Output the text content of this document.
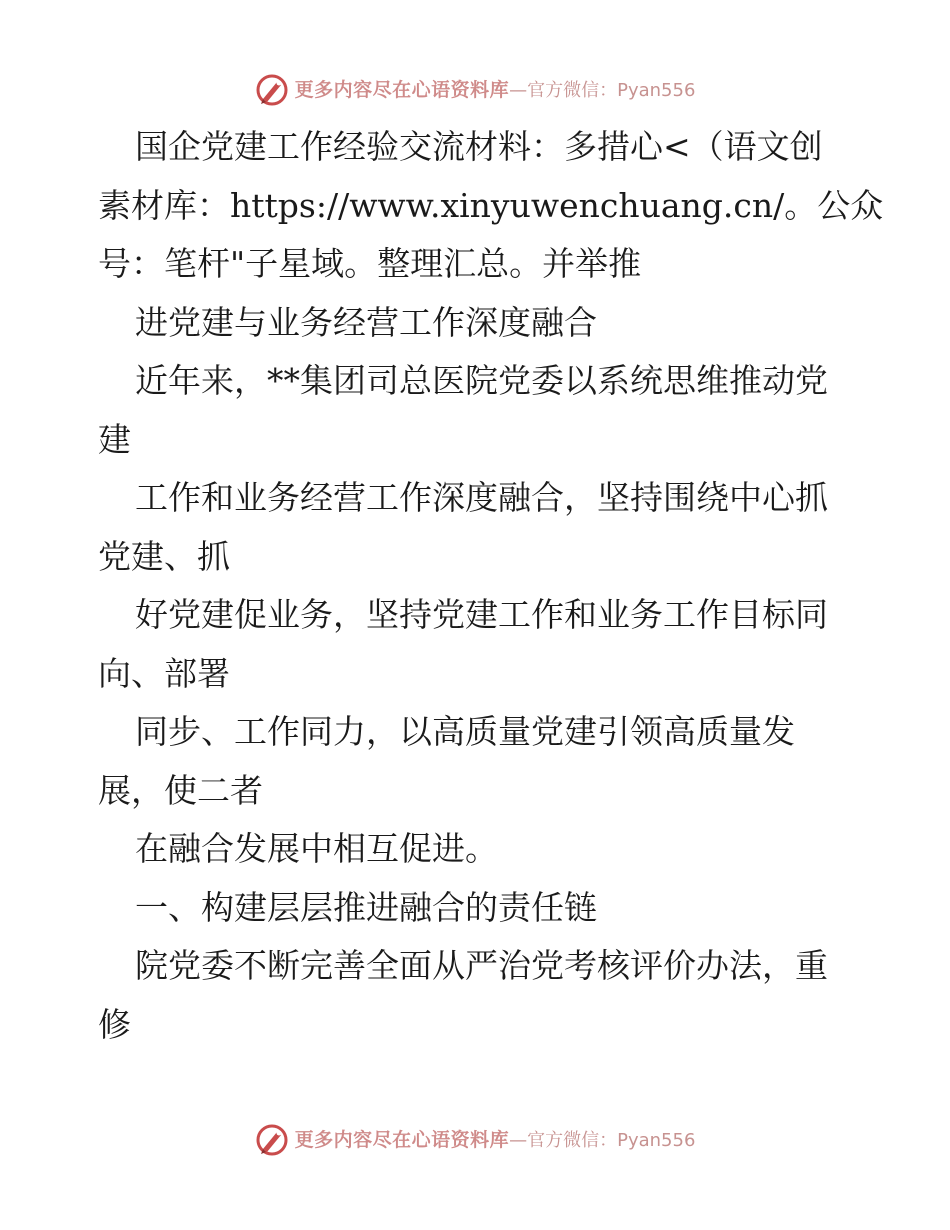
更多内容尽在心语资料库 —官方微信：Pyan556
国企党建工作经验交流材料：多措心<（语文创
素材库：https://www.xinyuwenchuang.cn/。公众
号：笔杆"子星域。整理汇总。并举推
进党建与业务经营工作深度融合
近年来，**集团司总医院党委以系统思维推动党
建
工作和业务经营工作深度融合，坚持围绕中心抓
党建、抓
好党建促业务，坚持党建工作和业务工作目标同
向、部署
同步、工作同力，以高质量党建引领高质量发
展，使二者
在融合发展中相互促进。
一、构建层层推进融合的责任链
院党委不断完善全面从严治党考核评价办法，重
修
更多内容尽在心语资料库 —官方微信：Pyan556
